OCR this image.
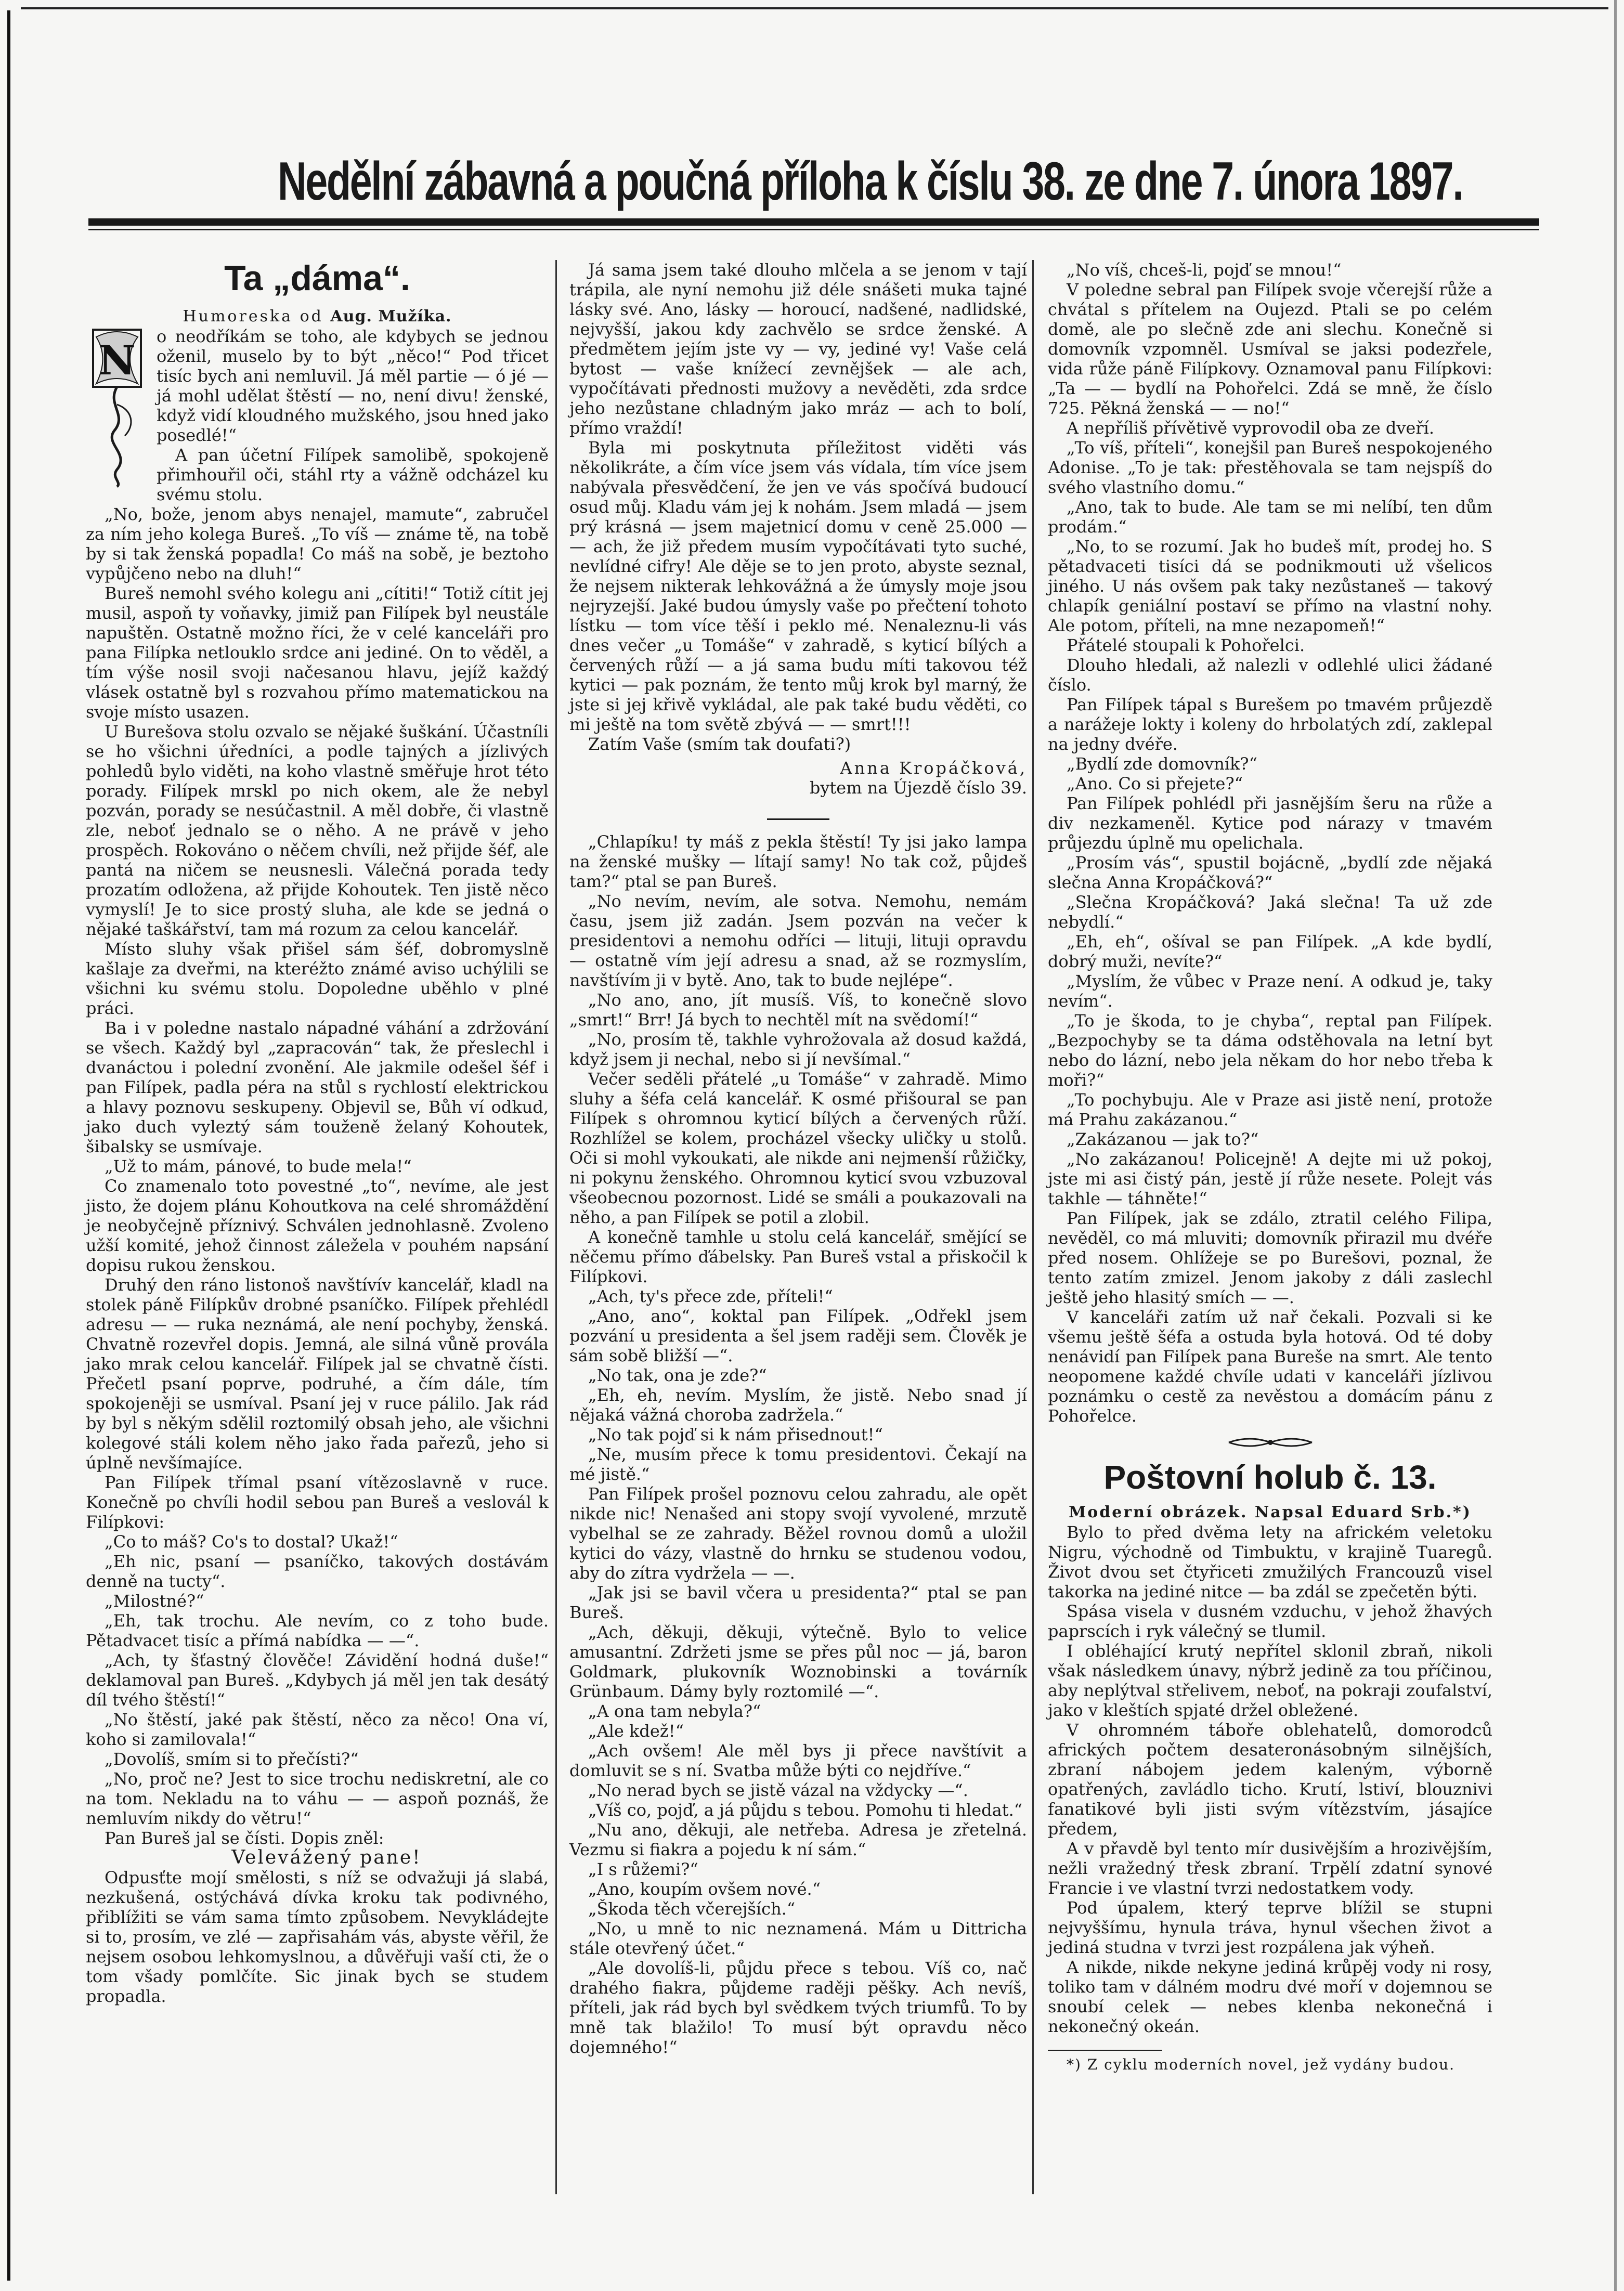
Nedělní zábavná a poučná příloha k číslu 38. ze dne 7. února 1897.
Ta „dáma“.

Humoreska od Aug. Mužíka.

N

o neodříkám se toho, ale kdybych se jednou oženil, muselo by to být „něco!“ Pod třicet tisíc bych ani nemluvil. Já měl partie — ó jé — já mohl udělat štěstí — no, není divu! ženské, když vidí kloudného mužského, jsou hned jako posedlé!“

A pan účetní Filípek samolibě, spokojeně přimhouřil oči, stáhl rty a vážně odcházel ku svému stolu.

„No, bože, jenom abys nenajel, mamute“, zabručel za ním jeho kolega Bureš. „To víš — známe tě, na tobě by si tak ženská popadla! Co máš na sobě, je beztoho vypůjčeno nebo na dluh!“

Bureš nemohl svého kolegu ani „cítiti!“ Totiž cítit jej musil, aspoň ty voňavky, jimiž pan Filípek byl neustále napuštěn. Ostatně možno říci, že v celé kanceláři pro pana Filípka netlouklo srdce ani jediné. On to věděl, a tím výše nosil svoji načesanou hlavu, jejíž každý vlásek ostatně byl s rozvahou přímo matematickou na svoje místo usazen.

U Burešova stolu ozvalo se nějaké šuškání. Účastníli se ho všichni úředníci, a podle tajných a jízlivých pohledů bylo viděti, na koho vlastně směřuje hrot této porady. Filípek mrskl po nich okem, ale že nebyl pozván, porady se nesúčastnil. A měl dobře, či vlastně zle, neboť jednalo se o něho. A ne právě v jeho prospěch. Rokováno o něčem chvíli, než přijde šéf, ale pantá na ničem se neusnesli. Válečná porada tedy prozatím odložena, až přijde Kohoutek. Ten jistě něco vymyslí! Je to sice prostý sluha, ale kde se jedná o nějaké taškářství, tam má rozum za celou kancelář.

Místo sluhy však přišel sám šéf, dobromyslně kašlaje za dveřmi, na kteréžto známé aviso uchýlili se všichni ku svému stolu. Dopoledne uběhlo v plné práci.

Ba i v poledne nastalo nápadné váhání a zdržování se všech. Každý byl „zapracován“ tak, že přeslechl i dvanáctou i polední zvonění. Ale jakmile odešel šéf i pan Filípek, padla péra na stůl s rychlostí elektrickou a hlavy poznovu seskupeny. Objevil se, Bůh ví odkud, jako duch vyleztý sám touženě želaný Kohoutek, šibalsky se usmívaje.

„Už to mám, pánové, to bude mela!“

Co znamenalo toto povestné „to“, nevíme, ale jest jisto, že dojem plánu Kohoutkova na celé shromáždění je neobyčejně příznivý. Schválen jednohlasně. Zvoleno užší komité, jehož činnost záležela v pouhém napsání dopisu rukou ženskou.

Druhý den ráno listonoš navštívív kancelář, kladl na stolek páně Filípkův drobné psaníčko. Filípek přehlédl adresu — — ruka neznámá, ale není pochyby, ženská. Chvatně rozevřel dopis. Jemná, ale silná vůně provála jako mrak celou kancelář. Filípek jal se chvatně čísti. Přečetl psaní poprve, podruhé, a čím dále, tím spokojeněji se usmíval. Psaní jej v ruce pálilo. Jak rád by byl s někým sdělil roztomilý obsah jeho, ale všichni kolegové stáli kolem něho jako řada pařezů, jeho si úplně nevšímajíce.

Pan Filípek třímal psaní vítězoslavně v ruce. Konečně po chvíli hodil sebou pan Bureš a veslovál k Filípkovi:

„Co to máš? Co's to dostal? Ukaž!“

„Eh nic, psaní — psaníčko, takových dostávám denně na tucty“.

„Milostné?“

„Eh, tak trochu. Ale nevím, co z toho bude. Pětadvacet tisíc a přímá nabídka — —“.

„Ach, ty šťastný člověče! Závidění hodná duše!“ deklamoval pan Bureš. „Kdybych já měl jen tak desátý díl tvého štěstí!“

„No štěstí, jaké pak štěstí, něco za něco! Ona ví, koho si zamilovala!“

„Dovolíš, smím si to přečísti?“

„No, proč ne? Jest to sice trochu nediskretní, ale co na tom. Nekladu na to váhu — — aspoň poznáš, že nemluvím nikdy do větru!“

Pan Bureš jal se čísti. Dopis zněl:

Velevážený pane!

Odpusťte mojí smělosti, s níž se odvažuji já slabá, nezkušená, ostýchává dívka kroku tak podivného, přiblížiti se vám sama tímto způsobem. Nevykládejte si to, prosím, ve zlé — zapřisahám vás, abyste věřil, že nejsem osobou lehkomyslnou, a důvěřuji vaší cti, že o tom všady pomlčíte. Sic jinak bych se studem propadla.

Já sama jsem také dlouho mlčela a se jenom v tají trápila, ale nyní nemohu již déle snášeti muka tajné lásky své. Ano, lásky — horoucí, nadšené, nadlidské, nejvyšší, jakou kdy zachvělo se srdce ženské. A předmětem jejím jste vy — vy, jediné vy! Vaše celá bytost — vaše knížecí zevnějšek — ale ach, vypočítávati přednosti mužovy a nevěděti, zda srdce jeho nezůstane chladným jako mráz — ach to bolí, přímo vraždí!

Byla mi poskytnuta příležitost viděti vás několikráte, a čím více jsem vás vídala, tím více jsem nabývala přesvědčení, že jen ve vás spočívá budoucí osud můj. Kladu vám jej k nohám. Jsem mladá — jsem prý krásná — jsem majetnicí domu v ceně 25.000 — — ach, že již předem musím vypočítávati tyto suché, nevlídné cifry! Ale děje se to jen proto, abyste seznal, že nejsem nikterak lehkovážná a že úmysly moje jsou nejryzejší. Jaké budou úmysly vaše po přečtení tohoto lístku — tom více těší i peklo mé. Nenaleznu-li vás dnes večer „u Tomáše“ v zahradě, s kyticí bílých a červených růží — a já sama budu míti takovou též kytici — pak poznám, že tento můj krok byl marný, že jste si jej křivě vykládal, ale pak také budu věděti, co mi ještě na tom světě zbývá — — smrt!!!

Zatím Vaše (smím tak doufati?)

Anna Kropáčková,

bytem na Újezdě číslo 39.

„Chlapíku! ty máš z pekla štěstí! Ty jsi jako lampa na ženské mušky — lítají samy! No tak což, půjdeš tam?“ ptal se pan Bureš.

„No nevím, nevím, ale sotva. Nemohu, nemám času, jsem již zadán. Jsem pozván na večer k presidentovi a nemohu odříci — lituji, lituji opravdu — ostatně vím její adresu a snad, až se rozmyslím, navštívím ji v bytě. Ano, tak to bude nejlépe“.

„No ano, ano, jít musíš. Víš, to konečně slovo „smrt!“ Brr! Já bych to nechtěl mít na svědomí!“

„No, prosím tě, takhle vyhrožovala až dosud každá, když jsem ji nechal, nebo si jí nevšímal.“

Večer seděli přátelé „u Tomáše“ v zahradě. Mimo sluhy a šéfa celá kancelář. K osmé přišoural se pan Filípek s ohromnou kyticí bílých a červených růží. Rozhlížel se kolem, procházel všecky uličky u stolů. Oči si mohl vykoukati, ale nikde ani nejmenší růžičky, ni pokynu ženského. Ohromnou kyticí svou vzbuzoval všeobecnou pozornost. Lidé se smáli a poukazovali na něho, a pan Filípek se potil a zlobil.

A konečně tamhle u stolu celá kancelář, smějící se něčemu přímo ďábelsky. Pan Bureš vstal a přiskočil k Filípkovi.

„Ach, ty's přece zde, příteli!“

„Ano, ano“, koktal pan Filípek. „Odřekl jsem pozvání u presidenta a šel jsem raději sem. Člověk je sám sobě bližší —“.

„No tak, ona je zde?“

„Eh, eh, nevím. Myslím, že jistě. Nebo snad jí nějaká vážná choroba zadržela.“

„No tak pojď si k nám přisednout!“

„Ne, musím přece k tomu presidentovi. Čekají na mé jistě.“

Pan Filípek prošel poznovu celou zahradu, ale opět nikde nic! Nenašed ani stopy svojí vyvolené, mrzutě vybelhal se ze zahrady. Běžel rovnou domů a uložil kytici do vázy, vlastně do hrnku se studenou vodou, aby do zítra vydržela — —.

„Jak jsi se bavil včera u presidenta?“ ptal se pan Bureš.

„Ach, děkuji, děkuji, výtečně. Bylo to velice amusantní. Zdržeti jsme se přes půl noc — já, baron Goldmark, plukovník Woznobinski a továrník Grünbaum. Dámy byly roztomilé —“.

„A ona tam nebyla?“

„Ale kdež!“

„Ach ovšem! Ale měl bys ji přece navštívit a domluvit se s ní. Svatba může býti co nejdříve.“

„No nerad bych se jistě vázal na vždycky —“.

„Víš co, pojď, a já půjdu s tebou. Pomohu ti hledat.“

„Nu ano, děkuji, ale netřeba. Adresa je zřetelná. Vezmu si fiakra a pojedu k ní sám.“

„I s růžemi?“

„Ano, koupím ovšem nové.“

„Škoda těch včerejších.“

„No, u mně to nic neznamená. Mám u Dittricha stále otevřený účet.“

„Ale dovolíš-li, půjdu přece s tebou. Víš co, nač drahého fiakra, půjdeme raději pěšky. Ach nevíš, příteli, jak rád bych byl svědkem tvých triumfů. To by mně tak blažilo! To musí být opravdu něco dojemného!“

„No víš, chceš-li, pojď se mnou!“

V poledne sebral pan Filípek svoje včerejší růže a chvátal s přítelem na Oujezd. Ptali se po celém domě, ale po slečně zde ani slechu. Konečně si domovník vzpomněl. Usmíval se jaksi podezřele, vida růže páně Filípkovy. Oznamoval panu Filípkovi: „Ta — — bydlí na Pohořelci. Zdá se mně, že číslo 725. Pěkná ženská — — no!“

A nepříliš přívětivě vyprovodil oba ze dveří.

„To víš, příteli“, konejšil pan Bureš nespokojeného Adonise. „To je tak: přestěhovala se tam nejspíš do svého vlastního domu.“

„Ano, tak to bude. Ale tam se mi nelíbí, ten dům prodám.“

„No, to se rozumí. Jak ho budeš mít, prodej ho. S pětadvaceti tisíci dá se podnikmouti už všelicos jiného. U nás ovšem pak taky nezůstaneš — takový chlapík geniální postaví se přímo na vlastní nohy. Ale potom, příteli, na mne nezapomeň!“

Přátelé stoupali k Pohořelci.

Dlouho hledali, až nalezli v odlehlé ulici žádané číslo.

Pan Filípek tápal s Burešem po tmavém průjezdě a narážeje lokty i koleny do hrbolatých zdí, zaklepal na jedny dvéře.

„Bydlí zde domovník?“

„Ano. Co si přejete?“

Pan Filípek pohlédl při jasnějším šeru na růže a div nezkameněl. Kytice pod nárazy v tmavém průjezdu úplně mu opelichala.

„Prosím vás“, spustil bojácně, „bydlí zde nějaká slečna Anna Kropáčková?“

„Slečna Kropáčková? Jaká slečna! Ta už zde nebydlí.“

„Eh, eh“, ošíval se pan Filípek. „A kde bydlí, dobrý muži, nevíte?“

„Myslím, že vůbec v Praze není. A odkud je, taky nevím“.

„To je škoda, to je chyba“, reptal pan Filípek. „Bezpochyby se ta dáma odstěhovala na letní byt nebo do lázní, nebo jela někam do hor nebo třeba k moři?“

„To pochybuju. Ale v Praze asi jistě není, protože má Prahu zakázanou.“

„Zakázanou — jak to?“

„No zakázanou! Policejně! A dejte mi už pokoj, jste mi asi čistý pán, jestě jí růže nesete. Polejt vás takhle — táhněte!“

Pan Filípek, jak se zdálo, ztratil celého Filipa, nevěděl, co má mluviti; domovník přirazil mu dvéře před nosem. Ohlížeje se po Burešovi, poznal, že tento zatím zmizel. Jenom jakoby z dáli zaslechl ještě jeho hlasitý smích — —.

V kanceláři zatím už nař čekali. Pozvali si ke všemu ještě šéfa a ostuda byla hotová. Od té doby nenávidí pan Filípek pana Bureše na smrt. Ale tento neopomene každé chvíle udati v kanceláři jízlivou poznámku o cestě za nevěstou a domácím pánu z Pohořelce.

Poštovní holub č. 13.

Moderní obrázek. Napsal Eduard Srb.*)

Bylo to před dvěma lety na africkém veletoku Nigru, východně od Timbuktu, v krajině Tuaregů. Život dvou set čtyřiceti zmužilých Francouzů visel takorka na jediné nitce — ba zdál se zpečetěn býti.

Spása visela v dusném vzduchu, v jehož žhavých paprscích i ryk válečný se tlumil.

I obléhající krutý nepřítel sklonil zbraň, nikoli však následkem únavy, nýbrž jedině za tou příčinou, aby neplýtval střelivem, neboť, na pokraji zoufalství, jako v kleštích spjaté držel obležené.

V ohromném táboře oblehatelů, domorodců afrických počtem desateronásobným silnějších, zbraní nábojem jedem kaleným, výborně opatřených, zavládlo ticho. Krutí, lstiví, blouznivi fanatikové byli jisti svým vítězstvím, jásajíce předem,

A v přavdě byl tento mír dusivějším a hrozivějším, nežli vražedný třesk zbraní. Trpělí zdatní synové Francie i ve vlastní tvrzi nedostatkem vody.

Pod úpalem, který teprve blížil se stupni nejvyššímu, hynula tráva, hynul všechen život a jediná studna v tvrzi jest rozpálena jak výheň.

A nikde, nikde nekyne jediná krůpěj vody ni rosy, toliko tam v dálném modru dvé moří v dojemnou se snoubí celek — nebes klenba nekonečná i nekonečný okeán.

*) Z cyklu moderních novel, jež vydány budou.
